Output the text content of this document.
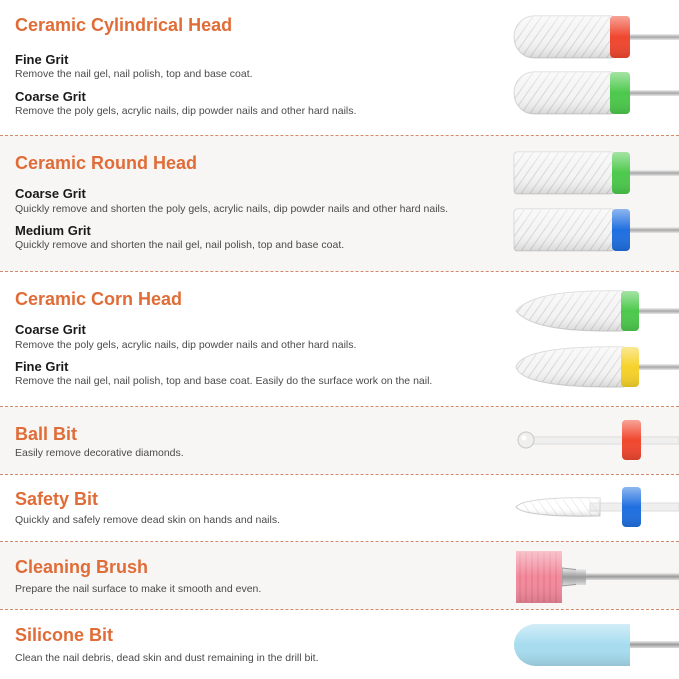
Ceramic Cylindrical Head
Fine Grit
Remove the nail gel, nail polish, top and base coat.
Coarse Grit
Remove the poly gels, acrylic nails, dip powder nails and other hard nails.
Ceramic Round Head
Coarse Grit
Quickly remove and shorten the poly gels, acrylic nails, dip powder nails and other hard nails.
Medium Grit
Quickly remove and shorten the nail gel, nail polish, top and base coat.
Ceramic Corn Head
Coarse Grit
Remove the poly gels, acrylic nails, dip powder nails and other hard nails.
Fine Grit
Remove the nail gel, nail polish, top and base coat. Easily do the surface work on the nail.
Ball Bit
Easily remove decorative diamonds.
Safety Bit
Quickly and safely remove dead skin on hands and nails.
Cleaning Brush
Prepare the nail surface to make it smooth and even.
Silicone Bit
Clean the nail debris, dead skin and dust remaining in the drill bit.
